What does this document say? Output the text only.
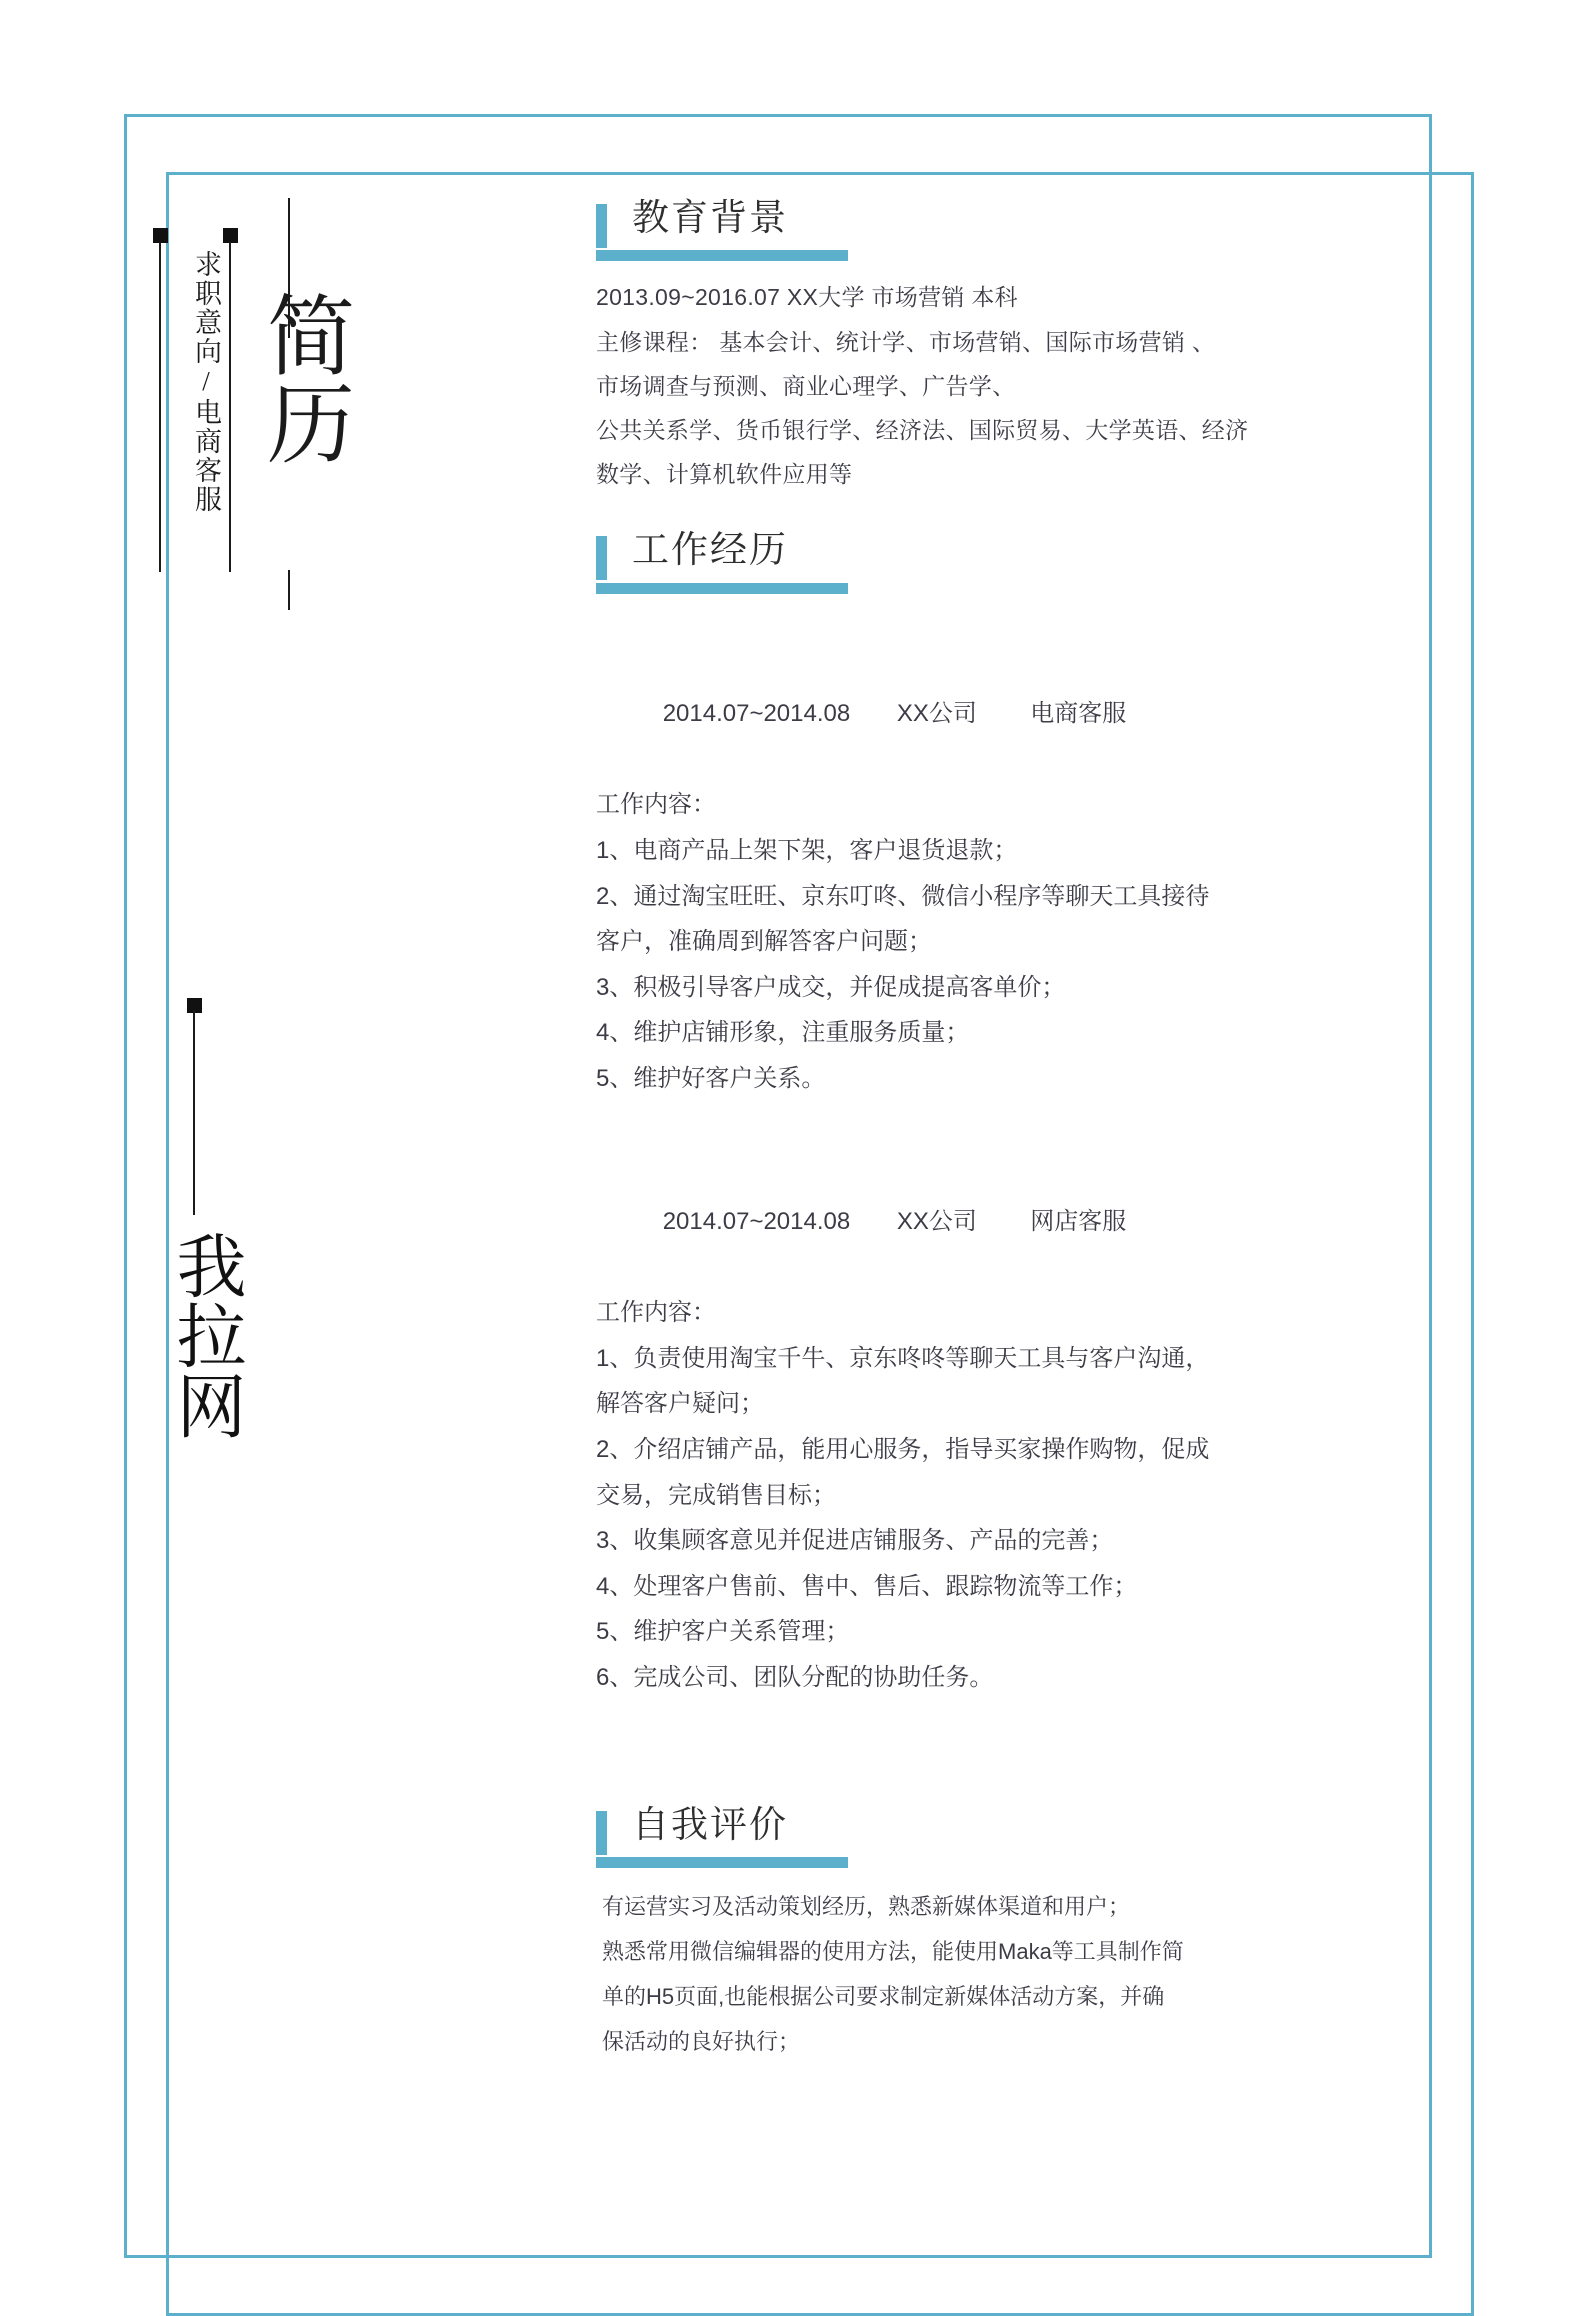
求职意向/电商客服 简历
我拉网
教育背景

2013.09~2016.07 XX大学 市场营销 本科

主修课程： 基本会计、统计学、市场营销、国际市场营销 、

市场调查与预测、商业心理学、广告学、

公共关系学、货币银行学、经济法、国际贸易、大学英语、经济

数学、计算机软件应用等

工作经历

2014.07~2014.08 XX公司 电商客服

工作内容：
1、电商产品上架下架，客户退货退款；
2、通过淘宝旺旺、京东叮咚、微信小程序等聊天工具接待
客户，准确周到解答客户问题；
3、积极引导客户成交，并促成提高客单价；
4、维护店铺形象，注重服务质量；
5、维护好客户关系。

2014.07~2014.08 XX公司 网店客服

工作内容：
1、负责使用淘宝千牛、京东咚咚等聊天工具与客户沟通，
解答客户疑问；
2、介绍店铺产品，能用心服务，指导买家操作购物，促成
交易，完成销售目标；
3、收集顾客意见并促进店铺服务、产品的完善；
4、处理客户售前、售中、售后、跟踪物流等工作；
5、维护客户关系管理；
6、完成公司、团队分配的协助任务。
自我评价

有运营实习及活动策划经历，熟悉新媒体渠道和用户；

熟悉常用微信编辑器的使用方法，能使用Maka等工具制作简

单的H5页面,也能根据公司要求制定新媒体活动方案，并确

保活动的良好执行；
